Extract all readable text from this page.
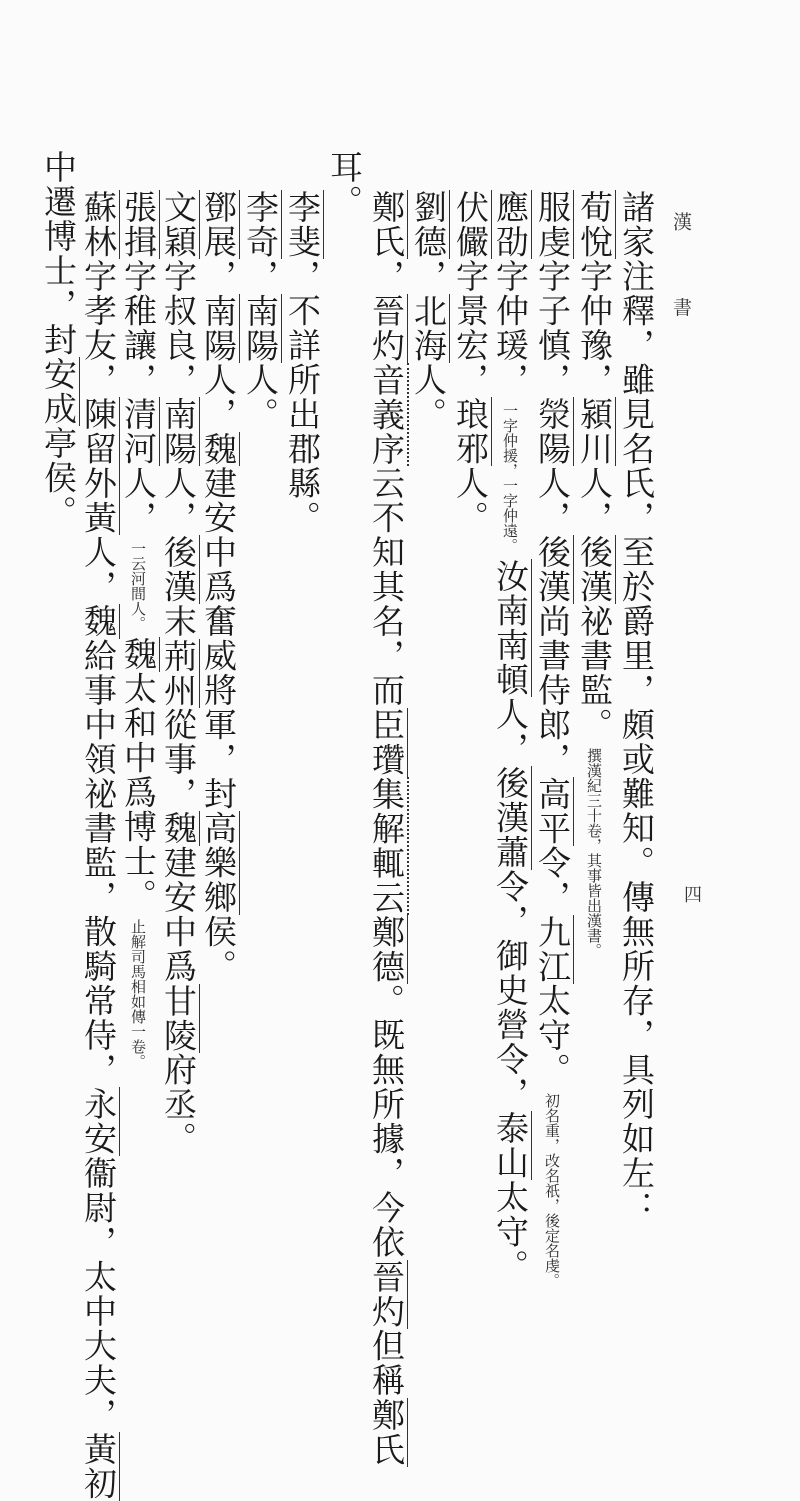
漢 書
四
諸家注釋，雖見名氏，至於爵里，頗或難知。傳無所存，具列如左：
荀悅字仲豫，潁川人，後漢祕書監。撰漢紀三十卷，其事皆出漢書。
服虔字子慎，滎陽人，後漢尚書侍郎，高平令，九江太守。初名重，改名祇，後定名虔。
應劭字仲瑗，一字仲援，一字仲遠。汝南南頓人，後漢蕭令，御史營令，泰山太守。
伏儼字景宏，琅邪人。
劉德，北海人。
鄭氏，晉灼音義序云不知其名，而臣瓚集解輒云鄭德。既無所據，今依晉灼但稱鄭氏
耳。
李斐，不詳所出郡縣。
李奇，南陽人。
鄧展，南陽人，魏建安中爲奮威將軍，封高樂鄉侯。
文穎字叔良，南陽人，後漢末荊州從事，魏建安中爲甘陵府丞。
張揖字稚讓，清河人，一云河間人。魏太和中爲博士。止解司馬相如傳一卷。
蘇林字孝友，陳留外黃人，魏給事中領祕書監，散騎常侍，永安衞尉，太中大夫，黃初
中遷博士，封安成亭侯。
